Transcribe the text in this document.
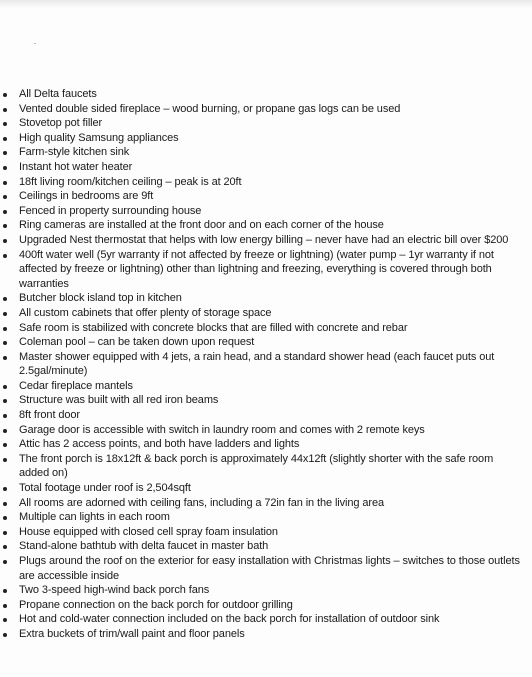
All Delta faucets
Vented double sided fireplace – wood burning, or propane gas logs can be used
Stovetop pot filler
High quality Samsung appliances
Farm-style kitchen sink
Instant hot water heater
18ft living room/kitchen ceiling – peak is at 20ft
Ceilings in bedrooms are 9ft
Fenced in property surrounding house
Ring cameras are installed at the front door and on each corner of the house
Upgraded Nest thermostat that helps with low energy billing – never have had an electric bill over $200
400ft water well (5yr warranty if not affected by freeze or lightning) (water pump – 1yr warranty if not affected by freeze or lightning) other than lightning and freezing, everything is covered through both warranties
Butcher block island top in kitchen
All custom cabinets that offer plenty of storage space
Safe room is stabilized with concrete blocks that are filled with concrete and rebar
Coleman pool – can be taken down upon request
Master shower equipped with 4 jets, a rain head, and a standard shower head (each faucet puts out 2.5gal/minute)
Cedar fireplace mantels
Structure was built with all red iron beams
8ft front door
Garage door is accessible with switch in laundry room and comes with 2 remote keys
Attic has 2 access points, and both have ladders and lights
The front porch is 18x12ft & back porch is approximately 44x12ft (slightly shorter with the safe room added on)
Total footage under roof is 2,504sqft
All rooms are adorned with ceiling fans, including a 72in fan in the living area
Multiple can lights in each room
House equipped with closed cell spray foam insulation
Stand-alone bathtub with delta faucet in master bath
Plugs around the roof on the exterior for easy installation with Christmas lights – switches to those outlets are accessible inside
Two 3-speed high-wind back porch fans
Propane connection on the back porch for outdoor grilling
Hot and cold-water connection included on the back porch for installation of outdoor sink
Extra buckets of trim/wall paint and floor panels
